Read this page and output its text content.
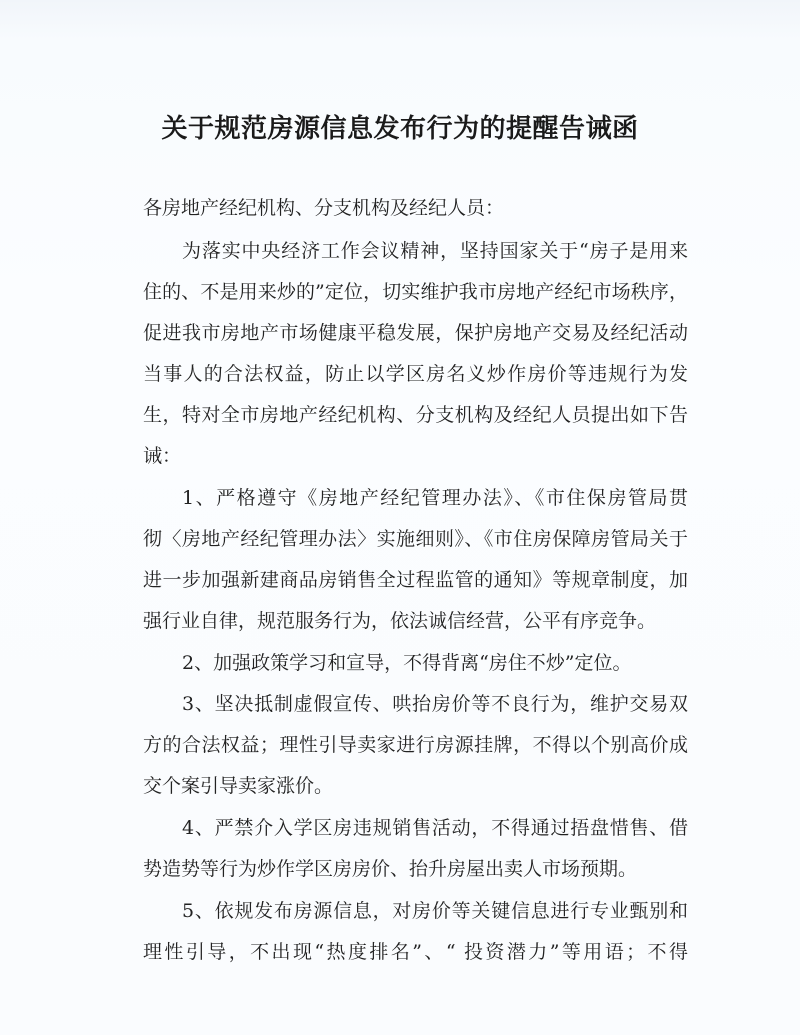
关于规范房源信息发布行为的提醒告诫函
各房地产经纪机构、分支机构及经纪人员：
为落实中央经济工作会议精神，坚持国家关于“房子是用来
住的、不是用来炒的”定位，切实维护我市房地产经纪市场秩序，
促进我市房地产市场健康平稳发展，保护房地产交易及经纪活动
当事人的合法权益，防止以学区房名义炒作房价等违规行为发
生，特对全市房地产经纪机构、分支机构及经纪人员提出如下告
诫：
1、严格遵守《房地产经纪管理办法》、《市住保房管局贯
彻〈房地产经纪管理办法〉实施细则》、《市住房保障房管局关于
进一步加强新建商品房销售全过程监管的通知》等规章制度，加
强行业自律，规范服务行为，依法诚信经营，公平有序竞争。
2、加强政策学习和宣导，不得背离“房住不炒”定位。
3、坚决抵制虚假宣传、哄抬房价等不良行为，维护交易双
方的合法权益；理性引导卖家进行房源挂牌，不得以个别高价成
交个案引导卖家涨价。
4、严禁介入学区房违规销售活动，不得通过捂盘惜售、借
势造势等行为炒作学区房房价、抬升房屋出卖人市场预期。
5、依规发布房源信息，对房价等关键信息进行专业甄别和
理性引导，不出现“热度排名”、“ 投资潜力”等用语；不得
